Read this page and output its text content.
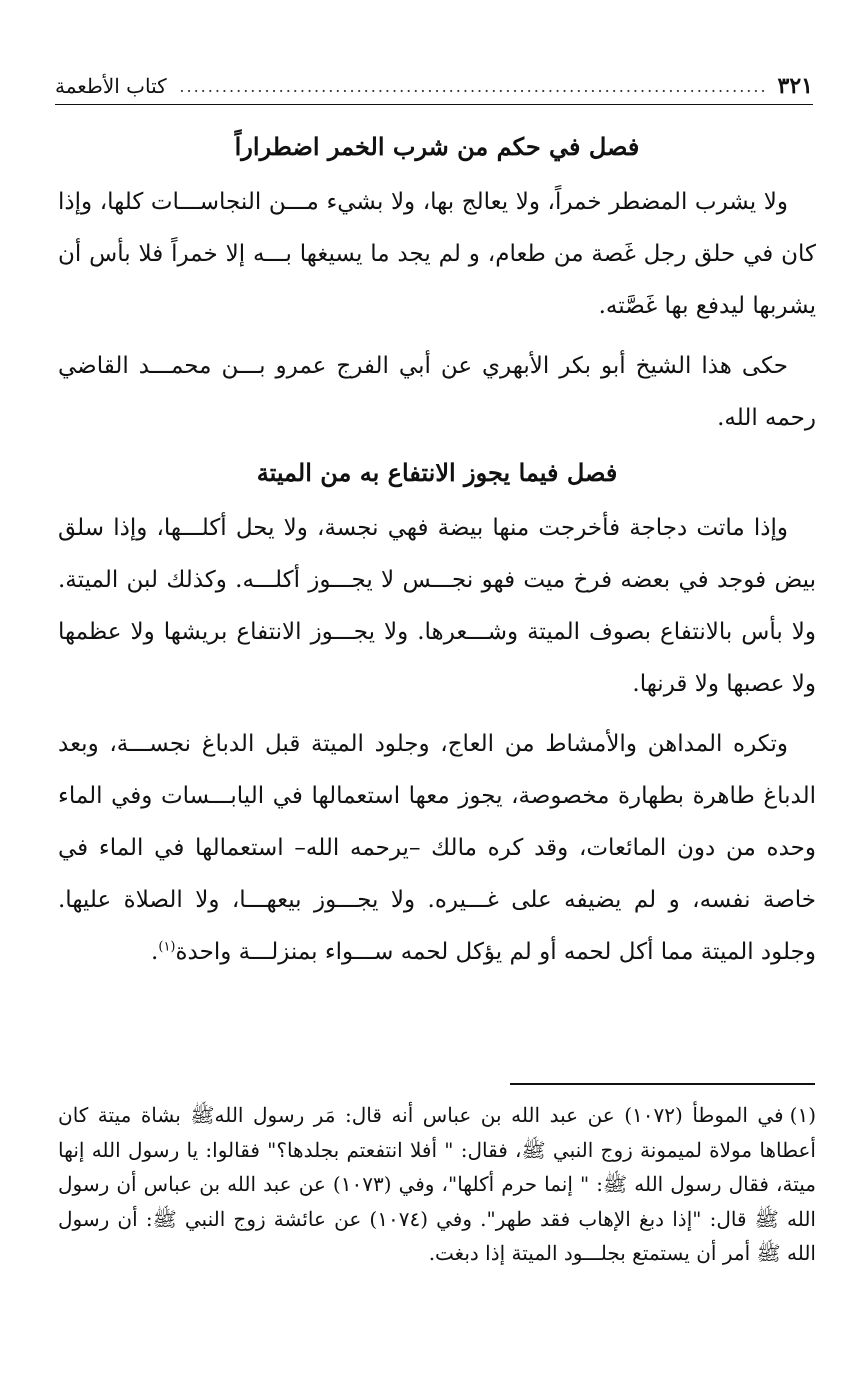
٣٢١
.....
كتاب الأطعمة
فصل في حكم من شرب الخمر اضطراراً

ولا يشرب المضطر خمراً، ولا يعالج بها، ولا بشيء مـــن النجاســـات كلها، وإذا كان في حلق رجل غَصة من طعام، و لم يجد ما يسيغها بـــه إلا خمراً فلا بأس أن يشربها ليدفع بها غَصَّته.

حكى هذا الشيخ أبو بكر الأبهري عن أبي الفرج عمرو بـــن محمـــد القاضي رحمه الله.

فصل فيما يجوز الانتفاع به من الميتة

وإذا ماتت دجاجة فأخرجت منها بيضة فهي نجسة، ولا يحل أكلـــها، وإذا سلق بيض فوجد في بعضه فرخ ميت فهو نجـــس لا يجـــوز أكلـــه. وكذلك لبن الميتة. ولا بأس بالانتفاع بصوف الميتة وشـــعرها. ولا يجـــوز الانتفاع بريشها ولا عظمها ولا عصبها ولا قرنها.

وتكره المداهن والأمشاط من العاج، وجلود الميتة قبل الدباغ نجســـة، وبعد الدباغ طاهرة بطهارة مخصوصة، يجوز معها استعمالها في اليابـــسات وفي الماء وحده من دون المائعات، وقد كره مالك –يرحمه الله– استعمالها في الماء في خاصة نفسه، و لم يضيفه على غـــيره. ولا يجـــوز بيعهـــا، ولا الصلاة عليها. وجلود الميتة مما أكل لحمه أو لم يؤكل لحمه ســـواء بمنزلـــة واحدة$^{(١)}$.

(١)في الموطأ (١٠٧٢) عن عبد الله بن عباس أنه قال: مَر رسول اللهﷺ بشاة ميتة كان أعطاها مولاة لميمونة زوج النبي ﷺ، فقال: " أفلا انتفعتم بجلدها؟" فقالوا: يا رسول الله إنها ميتة، فقال رسول الله ﷺ: " إنما حرم أكلها"، وفي (١٠٧٣) عن عبد الله بن عباس أن رسول الله ﷺ قال: "إذا دبغ الإهاب فقد طهر". وفي (١٠٧٤) عن عائشة زوج النبي ﷺ: أن رسول الله ﷺ أمر أن يستمتع بجلـــود الميتة إذا دبغت.
